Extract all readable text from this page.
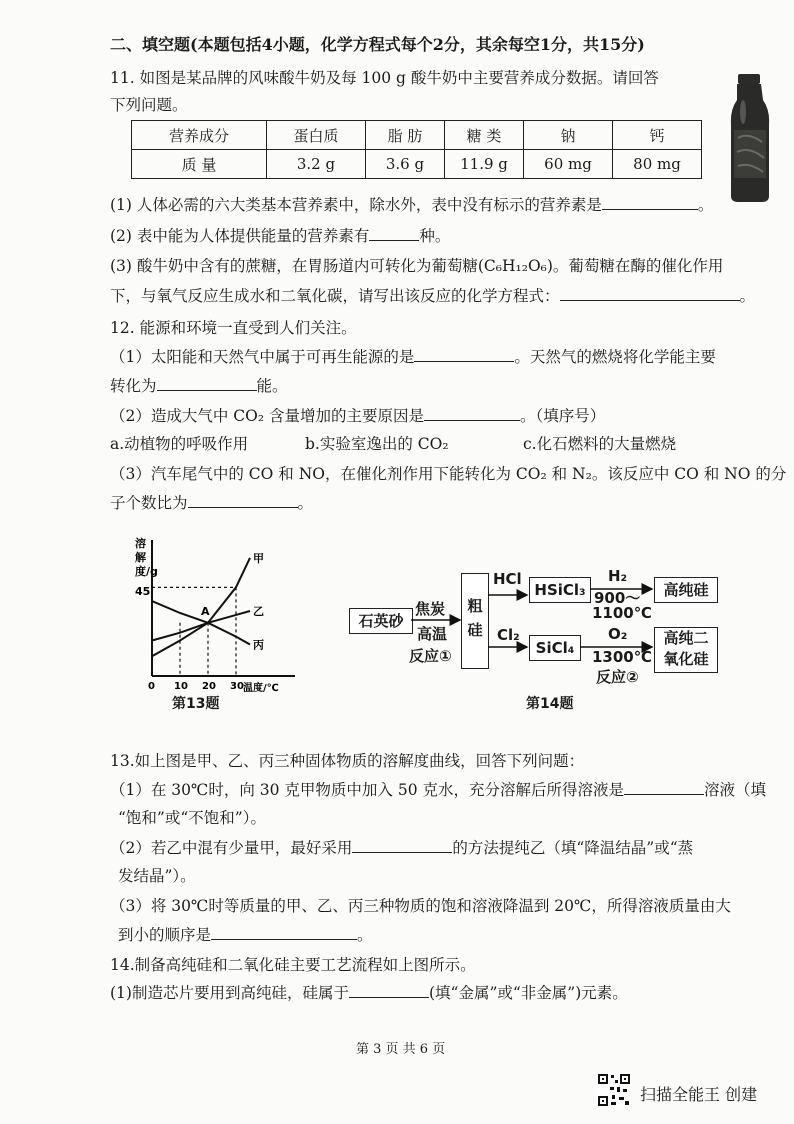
二、填空题(本题包括4小题，化学方程式每个2分，其余每空1分，共15分)
11. 如图是某品牌的风味酸牛奶及每 100 g 酸牛奶中主要营养成分数据。请回答
下列问题。
营养成分	蛋白质	脂 肪	糖 类	钠	钙
质 量	3.2 g	3.6 g	11.9 g	60 mg	80 mg
(1) 人体必需的六大类基本营养素中，除水外，表中没有标示的营养素是	。
(2) 表中能为人体提供能量的营养素有	种。
(3) 酸牛奶中含有的蔗糖，在胃肠道内可转化为葡萄糖(C₆H₁₂O₆)。葡萄糖在酶的催化作用
下，与氧气反应生成水和二氧化碳，请写出该反应的化学方程式：	。
12. 能源和环境一直受到人们关注。
（1）太阳能和天然气中属于可再生能源的是	。天然气的燃烧将化学能主要
转化为	能。
（2）造成大气中 CO₂ 含量增加的主要原因是	。（填序号）
a.动植物的呼吸作用	b.实验室逸出的 CO₂	c.化石燃料的大量燃烧
（3）汽车尾气中的 CO 和 NO，在催化剂作用下能转化为 CO₂ 和 N₂。该反应中 CO 和 NO 的分
子个数比为	。
溶
解
度/g
45
甲
乙
丙
0 10 20 30
A
温度/℃
第13题
石英砂
焦炭
高温
反应①
粗硅
HCl
HSiCl₃
H₂
900～
1100℃
高纯硅
Cl₂
SiCl₄
O₂
1300℃
反应②
高纯二
氧化硅
第14题
13.如上图是甲、乙、丙三种固体物质的溶解度曲线，回答下列问题：
（1）在 30℃时，向 30 克甲物质中加入 50 克水，充分溶解后所得溶液是	溶液（填
“饱和”或“不饱和”）。
（2）若乙中混有少量甲，最好采用	的方法提纯乙（填“降温结晶”或“蒸
发结晶”）。
（3）将 30℃时等质量的甲、乙、丙三种物质的饱和溶液降温到 20℃，所得溶液质量由大
到小的顺序是	。
14.制备高纯硅和二氧化硅主要工艺流程如上图所示。
(1)制造芯片要用到高纯硅，硅属于	(填“金属”或“非金属”)元素。
第 3 页 共 6 页
扫描全能王 创建
